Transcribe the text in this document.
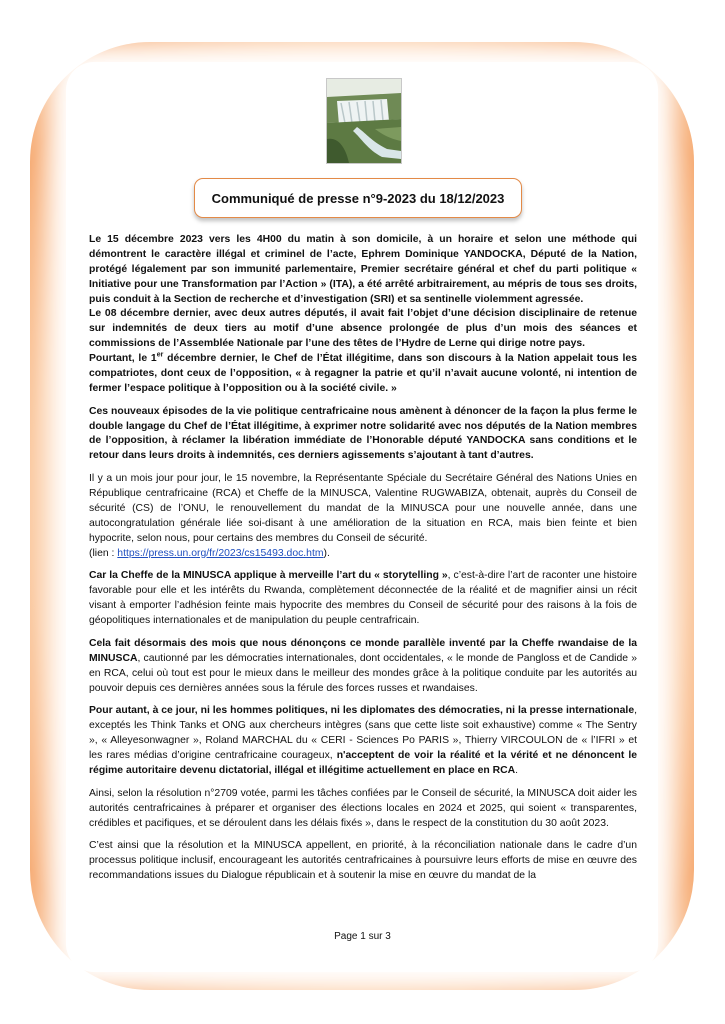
Communiqué de presse n°9-2023 du 18/12/2023

Le 15 décembre 2023 vers les 4H00 du matin à son domicile, à un horaire et selon une méthode qui démontrent le caractère illégal et criminel de l’acte, Ephrem Dominique YANDOCKA, Député de la Nation, protégé légalement par son immunité parlementaire, Premier secrétaire général et chef du parti politique « Initiative pour une Transformation par l’Action » (ITA), a été arrêté arbitrairement, au mépris de tous ses droits, puis conduit à la Section de recherche et d’investigation (SRI) et sa sentinelle violemment agressée.

Le 08 décembre dernier, avec deux autres députés, il avait fait l’objet d’une décision disciplinaire de retenue sur indemnités de deux tiers au motif d’une absence prolongée de plus d’un mois des séances et commissions de l’Assemblée Nationale par l’une des têtes de l’Hydre de Lerne qui dirige notre pays.

Pourtant, le 1er décembre dernier, le Chef de l’État illégitime, dans son discours à la Nation appelait tous les compatriotes, dont ceux de l’opposition, « à regagner la patrie et qu’il n’avait aucune volonté, ni intention de fermer l’espace politique à l’opposition ou à la société civile. »

Ces nouveaux épisodes de la vie politique centrafricaine nous amènent à dénoncer de la façon la plus ferme le double langage du Chef de l’État illégitime, à exprimer notre solidarité avec nos députés de la Nation membres de l’opposition, à réclamer la libération immédiate de l’Honorable député YANDOCKA sans conditions et le retour dans leurs droits à indemnités, ces derniers agissements s’ajoutant à tant d’autres.

Il y a un mois jour pour jour, le 15 novembre, la Représentante Spéciale du Secrétaire Général des Nations Unies en République centrafricaine (RCA) et Cheffe de la MINUSCA, Valentine RUGWABIZA, obtenait, auprès du Conseil de sécurité (CS) de l’ONU, le renouvellement du mandat de la MINUSCA pour une nouvelle année, dans une autocongratulation générale liée soi-disant à une amélioration de la situation en RCA, mais bien feinte et bien hypocrite, selon nous, pour certains des membres du Conseil de sécurité.
(lien : https://press.un.org/fr/2023/cs15493.doc.htm).

Car la Cheffe de la MINUSCA applique à merveille l’art du « storytelling », c’est-à-dire l’art de raconter une histoire favorable pour elle et les intérêts du Rwanda, complètement déconnectée de la réalité et de magnifier ainsi un récit visant à emporter l’adhésion feinte mais hypocrite des membres du Conseil de sécurité pour des raisons à la fois de géopolitiques internationales et de manipulation du peuple centrafricain.

Cela fait désormais des mois que nous dénonçons ce monde parallèle inventé par la Cheffe rwandaise de la MINUSCA, cautionné par les démocraties internationales, dont occidentales, « le monde de Pangloss et de Candide » en RCA, celui où tout est pour le mieux dans le meilleur des mondes grâce à la politique conduite par les autorités au pouvoir depuis ces dernières années sous la férule des forces russes et rwandaises.

Pour autant, à ce jour, ni les hommes politiques, ni les diplomates des démocraties, ni la presse internationale, exceptés les Think Tanks et ONG aux chercheurs intègres (sans que cette liste soit exhaustive) comme « The Sentry », « Alleyesonwagner », Roland MARCHAL du « CERI - Sciences Po PARIS », Thierry VIRCOULON de « l’IFRI » et les rares médias d’origine centrafricaine courageux, n'acceptent de voir la réalité et la vérité et ne dénoncent le régime autoritaire devenu dictatorial, illégal et illégitime actuellement en place en RCA.

Ainsi, selon la résolution n°2709 votée, parmi les tâches confiées par le Conseil de sécurité, la MINUSCA doit aider les autorités centrafricaines à préparer et organiser des élections locales en 2024 et 2025, qui soient « transparentes, crédibles et pacifiques, et se déroulent dans les délais fixés », dans le respect de la constitution du 30 août 2023.

C’est ainsi que la résolution et la MINUSCA appellent, en priorité, à la réconciliation nationale dans le cadre d’un processus politique inclusif, encourageant les autorités centrafricaines à poursuivre leurs efforts de mise en œuvre des recommandations issues du Dialogue républicain et à soutenir la mise en œuvre du mandat de la

Page 1 sur 3
